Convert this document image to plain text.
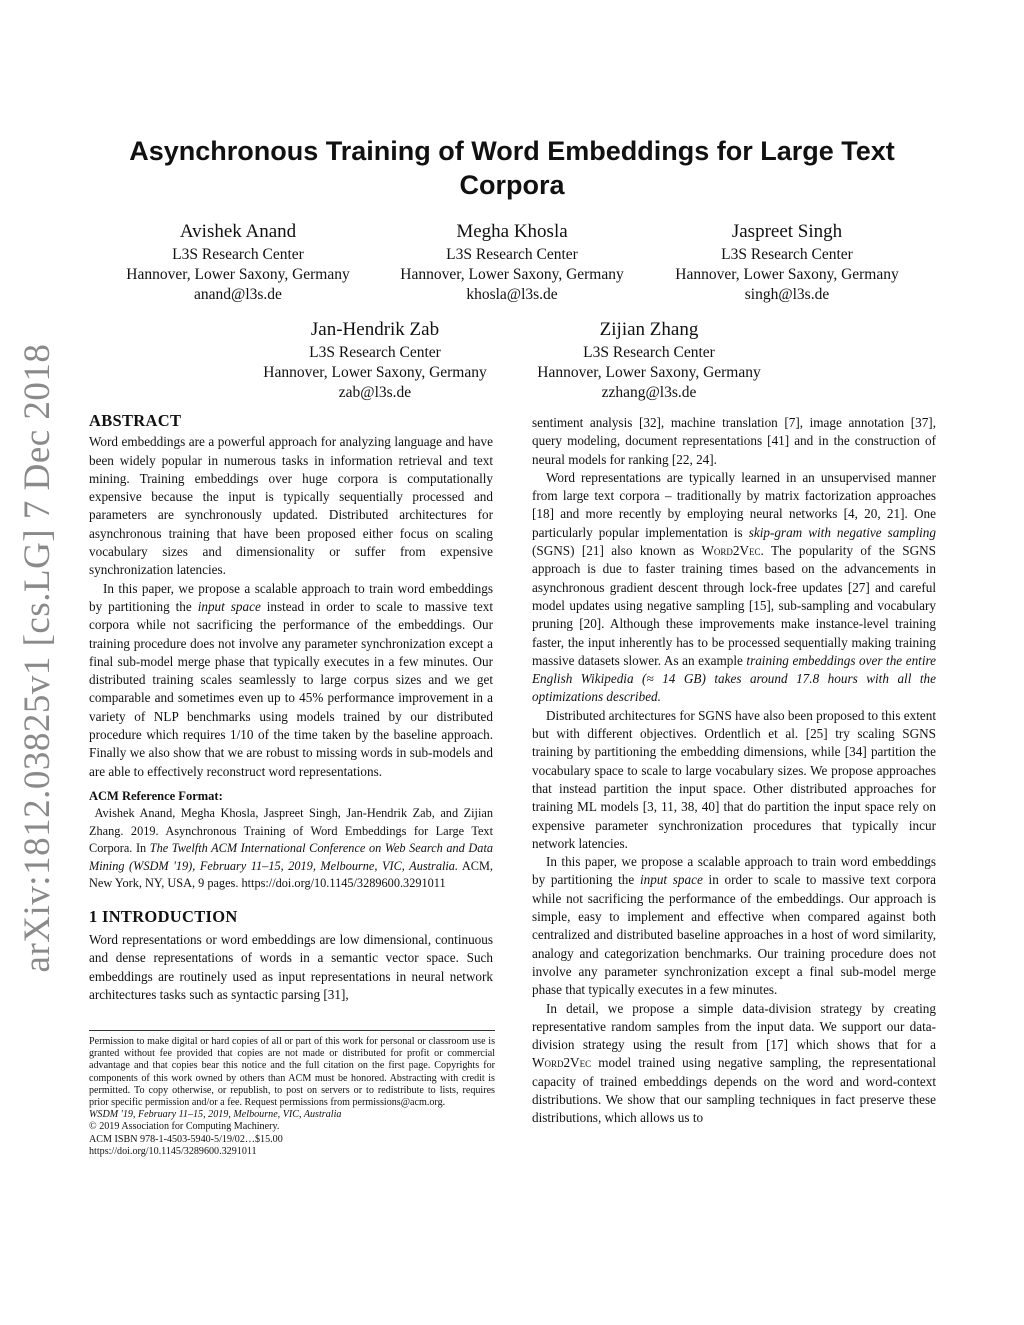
arXiv:1812.03825v1 [cs.LG] 7 Dec 2018
Asynchronous Training of Word Embeddings for Large Text Corpora
Avishek Anand
L3S Research Center
Hannover, Lower Saxony, Germany
anand@l3s.de
Megha Khosla
L3S Research Center
Hannover, Lower Saxony, Germany
khosla@l3s.de
Jaspreet Singh
L3S Research Center
Hannover, Lower Saxony, Germany
singh@l3s.de
Jan-Hendrik Zab
L3S Research Center
Hannover, Lower Saxony, Germany
zab@l3s.de
Zijian Zhang
L3S Research Center
Hannover, Lower Saxony, Germany
zzhang@l3s.de
ABSTRACT

Word embeddings are a powerful approach for analyzing language and have been widely popular in numerous tasks in information retrieval and text mining. Training embeddings over huge corpora is computationally expensive because the input is typically sequentially processed and parameters are synchronously updated. Distributed architectures for asynchronous training that have been proposed either focus on scaling vocabulary sizes and dimensionality or suffer from expensive synchronization latencies.

In this paper, we propose a scalable approach to train word embeddings by partitioning the input space instead in order to scale to massive text corpora while not sacrificing the performance of the embeddings. Our training procedure does not involve any parameter synchronization except a final sub-model merge phase that typically executes in a few minutes. Our distributed training scales seamlessly to large corpus sizes and we get comparable and sometimes even up to 45% performance improvement in a variety of NLP benchmarks using models trained by our distributed procedure which requires 1/10 of the time taken by the baseline approach. Finally we also show that we are robust to missing words in sub-models and are able to effectively reconstruct word representations.

ACM Reference Format:

Avishek Anand, Megha Khosla, Jaspreet Singh, Jan-Hendrik Zab, and Zijian Zhang. 2019. Asynchronous Training of Word Embeddings for Large Text Corpora. In The Twelfth ACM International Conference on Web Search and Data Mining (WSDM '19), February 11–15, 2019, Melbourne, VIC, Australia. ACM, New York, NY, USA, 9 pages. https://doi.org/10.1145/3289600.3291011

1 INTRODUCTION

Word representations or word embeddings are low dimensional, continuous and dense representations of words in a semantic vector space. Such embeddings are routinely used as input representations in neural network architectures tasks such as syntactic parsing [31],

Permission to make digital or hard copies of all or part of this work for personal or classroom use is granted without fee provided that copies are not made or distributed for profit or commercial advantage and that copies bear this notice and the full citation on the first page. Copyrights for components of this work owned by others than ACM must be honored. Abstracting with credit is permitted. To copy otherwise, or republish, to post on servers or to redistribute to lists, requires prior specific permission and/or a fee. Request permissions from permissions@acm.org.

WSDM '19, February 11–15, 2019, Melbourne, VIC, Australia

© 2019 Association for Computing Machinery.

ACM ISBN 978-1-4503-5940-5/19/02…$15.00

https://doi.org/10.1145/3289600.3291011

sentiment analysis [32], machine translation [7], image annotation [37], query modeling, document representations [41] and in the construction of neural models for ranking [22, 24].

Word representations are typically learned in an unsupervised manner from large text corpora – traditionally by matrix factorization approaches [18] and more recently by employing neural networks [4, 20, 21]. One particularly popular implementation is skip-gram with negative sampling (SGNS) [21] also known as Word2Vec. The popularity of the SGNS approach is due to faster training times based on the advancements in asynchronous gradient descent through lock-free updates [27] and careful model updates using negative sampling [15], sub-sampling and vocabulary pruning [20]. Although these improvements make instance-level training faster, the input inherently has to be processed sequentially making training massive datasets slower. As an example training embeddings over the entire English Wikipedia (≈ 14 GB) takes around 17.8 hours with all the optimizations described.

Distributed architectures for SGNS have also been proposed to this extent but with different objectives. Ordentlich et al. [25] try scaling SGNS training by partitioning the embedding dimensions, while [34] partition the vocabulary space to scale to large vocabulary sizes. We propose approaches that instead partition the input space. Other distributed approaches for training ML models [3, 11, 38, 40] that do partition the input space rely on expensive parameter synchronization procedures that typically incur network latencies.

In this paper, we propose a scalable approach to train word embeddings by partitioning the input space in order to scale to massive text corpora while not sacrificing the performance of the embeddings. Our approach is simple, easy to implement and effective when compared against both centralized and distributed baseline approaches in a host of word similarity, analogy and categorization benchmarks. Our training procedure does not involve any parameter synchronization except a final sub-model merge phase that typically executes in a few minutes.

In detail, we propose a simple data-division strategy by creating representative random samples from the input data. We support our data-division strategy using the result from [17] which shows that for a Word2Vec model trained using negative sampling, the representational capacity of trained embeddings depends on the word and word-context distributions. We show that our sampling techniques in fact preserve these distributions, which allows us to
